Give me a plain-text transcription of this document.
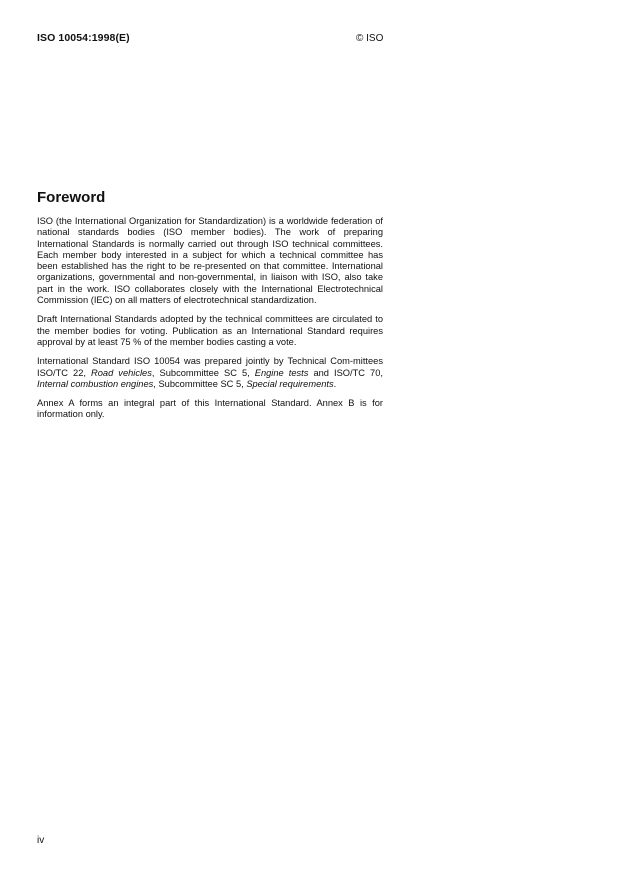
ISO 10054:1998(E)	© ISO
Foreword

ISO (the International Organization for Standardization) is a worldwide federation of national standards bodies (ISO member bodies). The work of preparing International Standards is normally carried out through ISO technical committees. Each member body interested in a subject for which a technical committee has been established has the right to be re-presented on that committee. International organizations, governmental and non-governmental, in liaison with ISO, also take part in the work. ISO collaborates closely with the International Electrotechnical Commission (IEC) on all matters of electrotechnical standardization.

Draft International Standards adopted by the technical committees are circulated to the member bodies for voting. Publication as an International Standard requires approval by at least 75 % of the member bodies casting a vote.

International Standard ISO 10054 was prepared jointly by Technical Com-mittees ISO/TC 22, Road vehicles, Subcommittee SC 5, Engine tests and ISO/TC 70, Internal combustion engines, Subcommittee SC 5, Special requirements.

Annex A forms an integral part of this International Standard. Annex B is for information only.

iv
